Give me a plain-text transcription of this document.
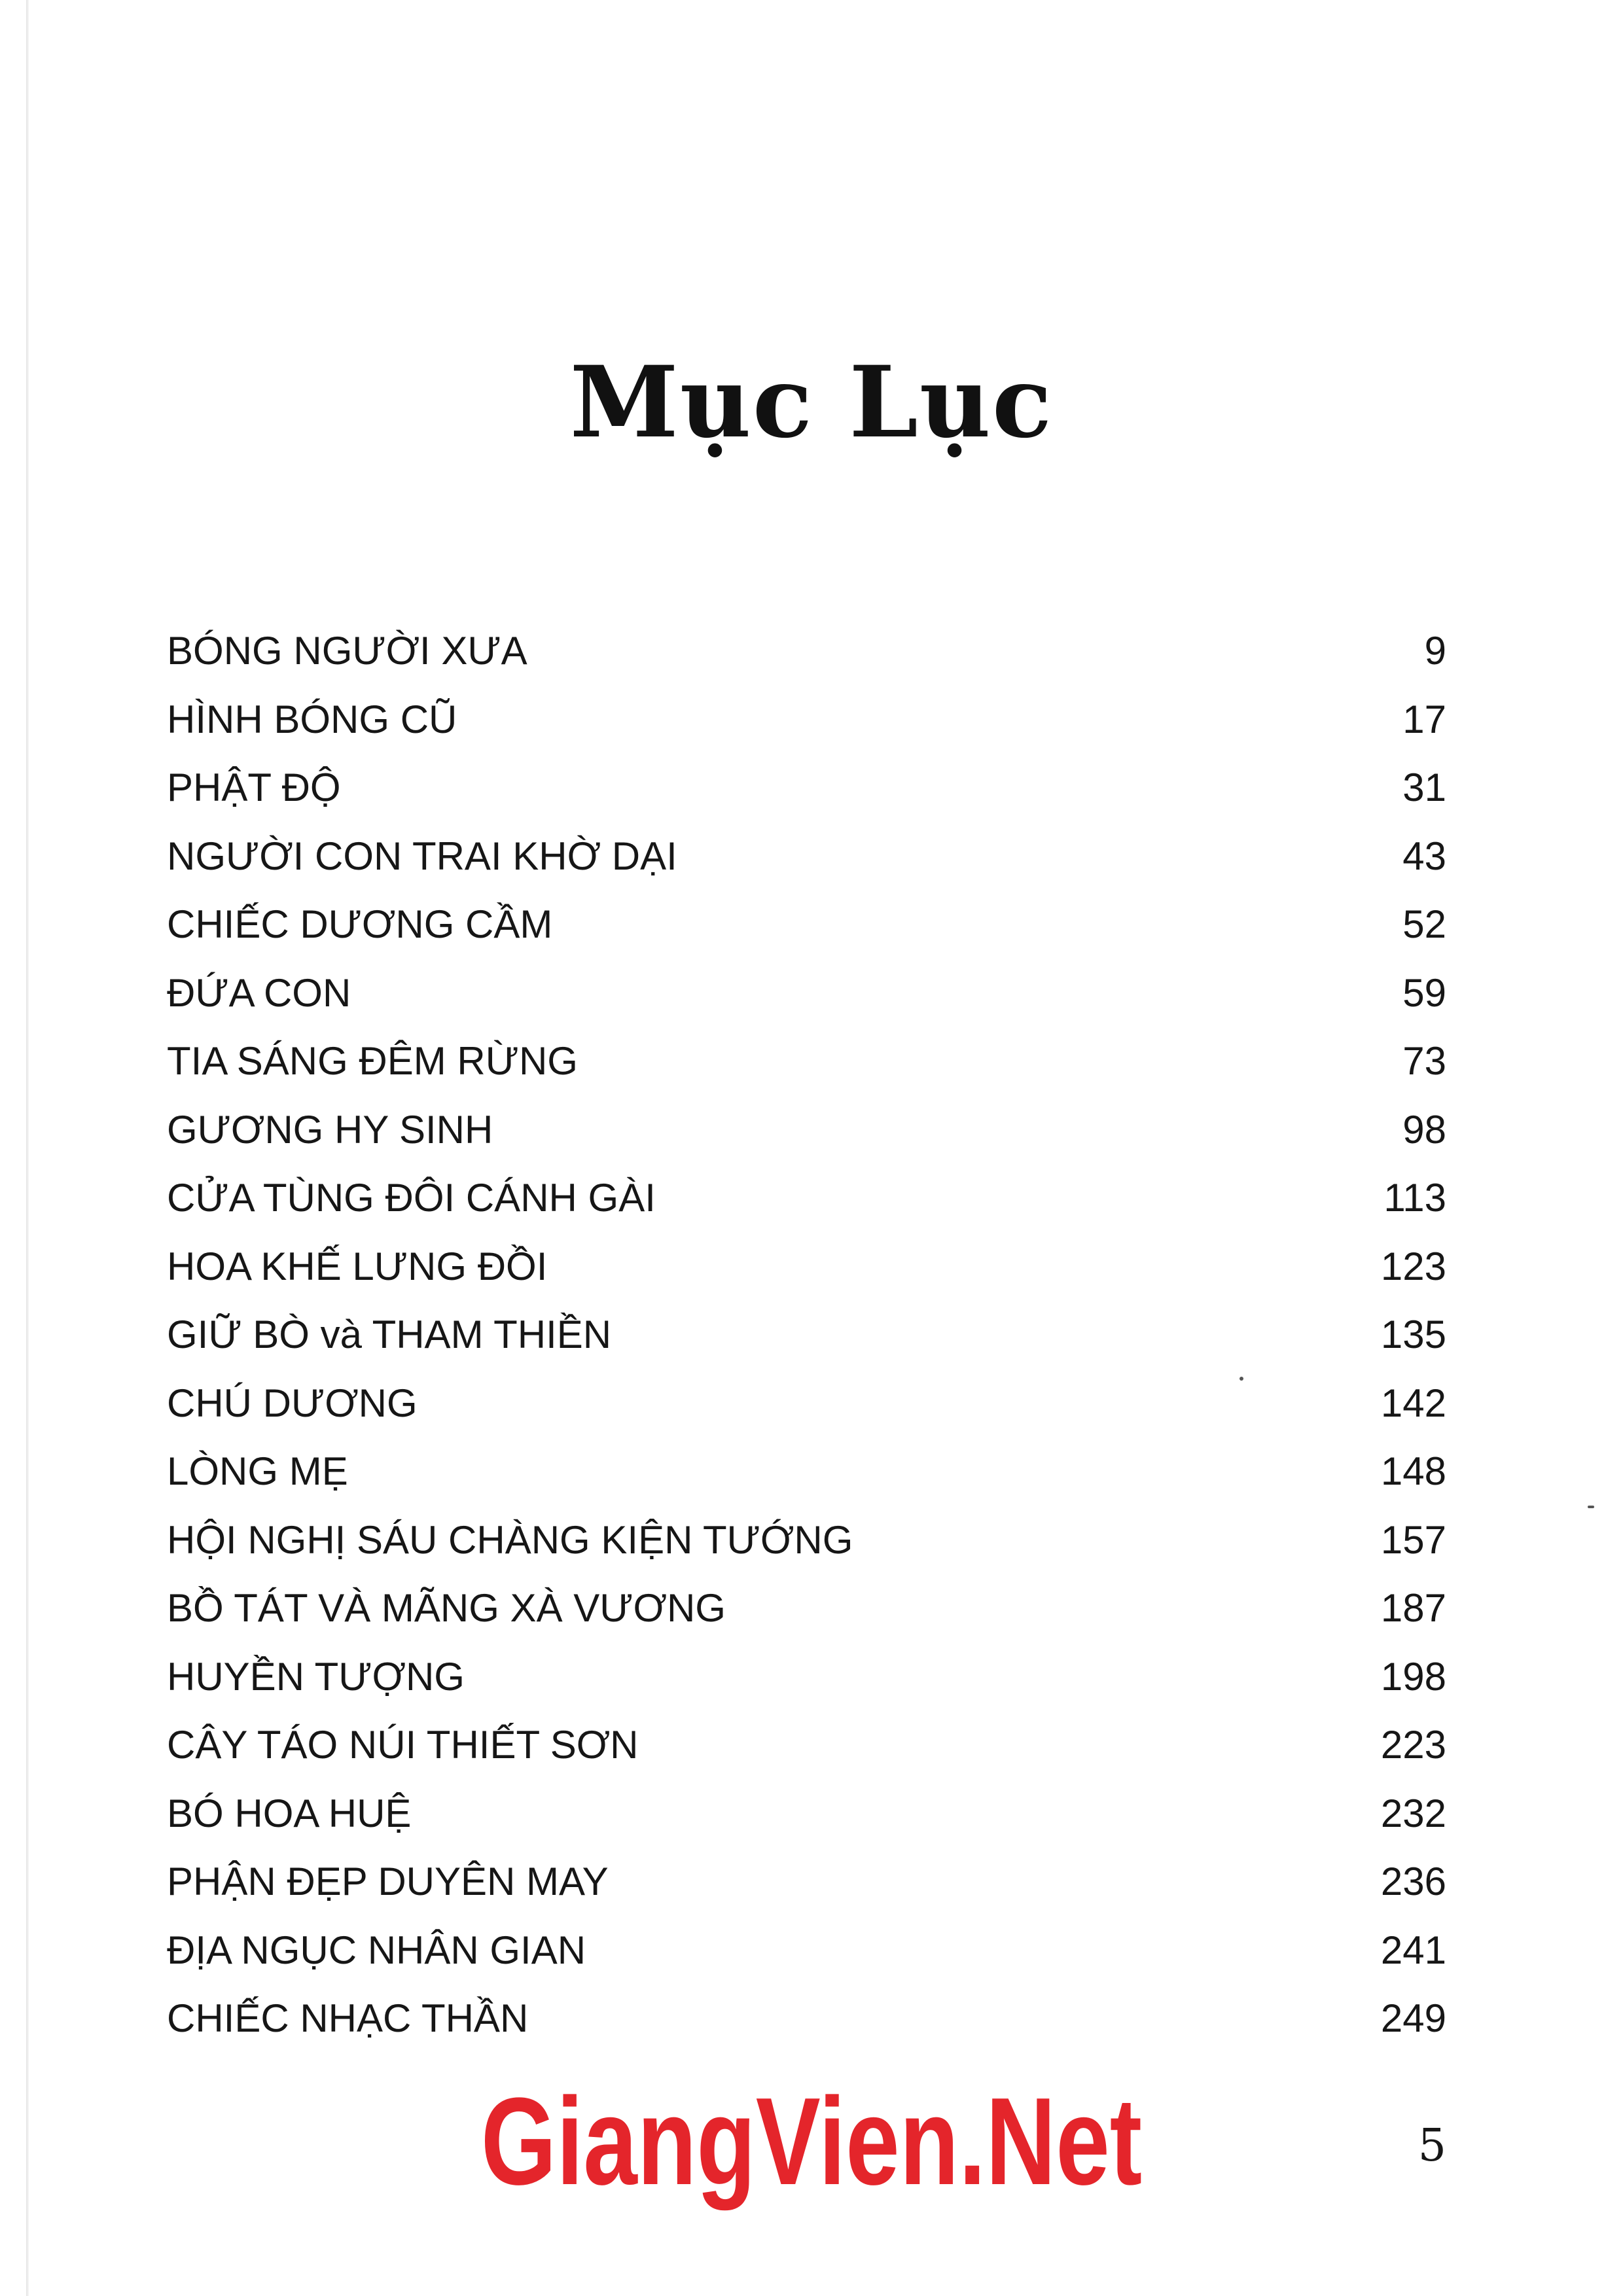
Mục Lục
BÓNG NGƯỜI XƯA	9
HÌNH BÓNG CŨ	17
PHẬT ĐỘ	31
NGƯỜI CON TRAI KHỜ DẠI	43
CHIẾC DƯƠNG CẦM	52
ĐỨA CON	59
TIA SÁNG ĐÊM RỪNG	73
GƯƠNG HY SINH	98
CỬA TÙNG ĐÔI CÁNH GÀI	113
HOA KHẾ LƯNG ĐỒI	123
GIỮ BÒ và THAM THIỀN	135
CHÚ DƯƠNG	142
LÒNG MẸ	148
HỘI NGHỊ SÁU CHÀNG KIỆN TƯỚNG	157
BỒ TÁT VÀ MÃNG XÀ VƯƠNG	187
HUYỀN TƯỢNG	198
CÂY TÁO NÚI THIẾT SƠN	223
BÓ HOA HUỆ	232
PHẬN ĐẸP DUYÊN MAY	236
ĐỊA NGỤC NHÂN GIAN	241
CHIẾC NHẠC THẦN	249
GiangVien.Net	5
